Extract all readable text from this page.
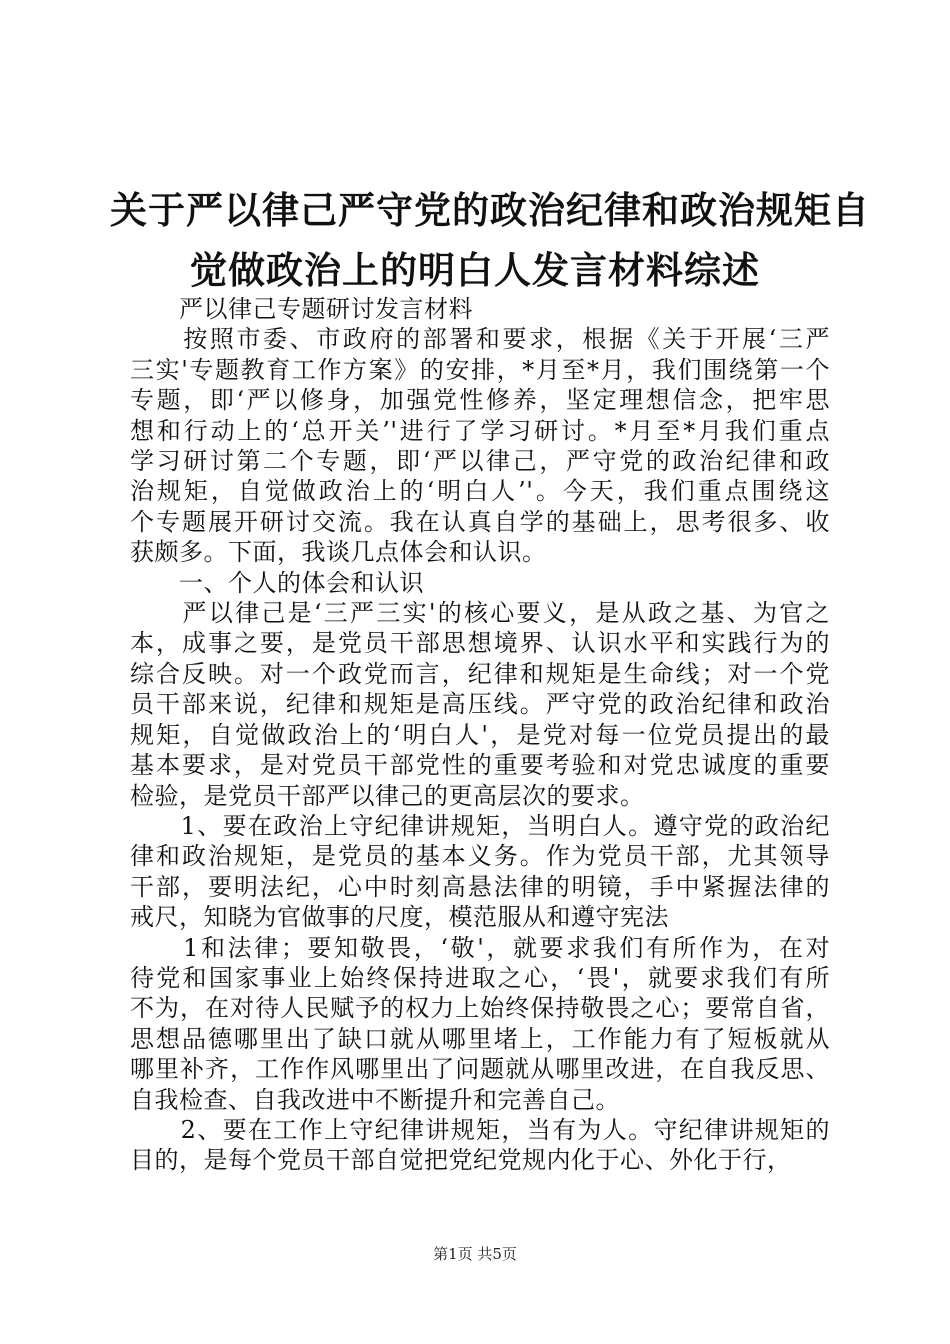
关于严以律己严守党的政治纪律和政治规矩自
觉做政治上的明白人发言材料综述

　　严以律己专题研讨发言材料

　　按照市委、市政府的部署和要求，根据《关于开展‘三严
三实'专题教育工作方案》的安排，*月至*月，我们围绕第一个
专题，即‘严以修身，加强党性修养，坚定理想信念，把牢思
想和行动上的‘总开关’'进行了学习研讨。*月至*月我们重点
学习研讨第二个专题，即‘严以律己，严守党的政治纪律和政
治规矩，自觉做政治上的‘明白人’'。今天，我们重点围绕这
个专题展开研讨交流。我在认真自学的基础上，思考很多、收
获颇多。下面，我谈几点体会和认识。

　　一、个人的体会和认识

　　严以律己是‘三严三实'的核心要义，是从政之基、为官之
本，成事之要，是党员干部思想境界、认识水平和实践行为的
综合反映。对一个政党而言，纪律和规矩是生命线；对一个党
员干部来说，纪律和规矩是高压线。严守党的政治纪律和政治
规矩，自觉做政治上的‘明白人'，是党对每一位党员提出的最
基本要求，是对党员干部党性的重要考验和对党忠诚度的重要
检验，是党员干部严以律己的更高层次的要求。

　　1、要在政治上守纪律讲规矩，当明白人。遵守党的政治纪
律和政治规矩，是党员的基本义务。作为党员干部，尤其领导
干部，要明法纪，心中时刻高悬法律的明镜，手中紧握法律的
戒尺，知晓为官做事的尺度，模范服从和遵守宪法

　　1和法律；要知敬畏，‘敬'，就要求我们有所作为，在对
待党和国家事业上始终保持进取之心，‘畏'，就要求我们有所
不为，在对待人民赋予的权力上始终保持敬畏之心；要常自省，
思想品德哪里出了缺口就从哪里堵上，工作能力有了短板就从
哪里补齐，工作作风哪里出了问题就从哪里改进，在自我反思、
自我检查、自我改进中不断提升和完善自己。

　　2、要在工作上守纪律讲规矩，当有为人。守纪律讲规矩的
目的，是每个党员干部自觉把党纪党规内化于心、外化于行，

第1页 共5页
